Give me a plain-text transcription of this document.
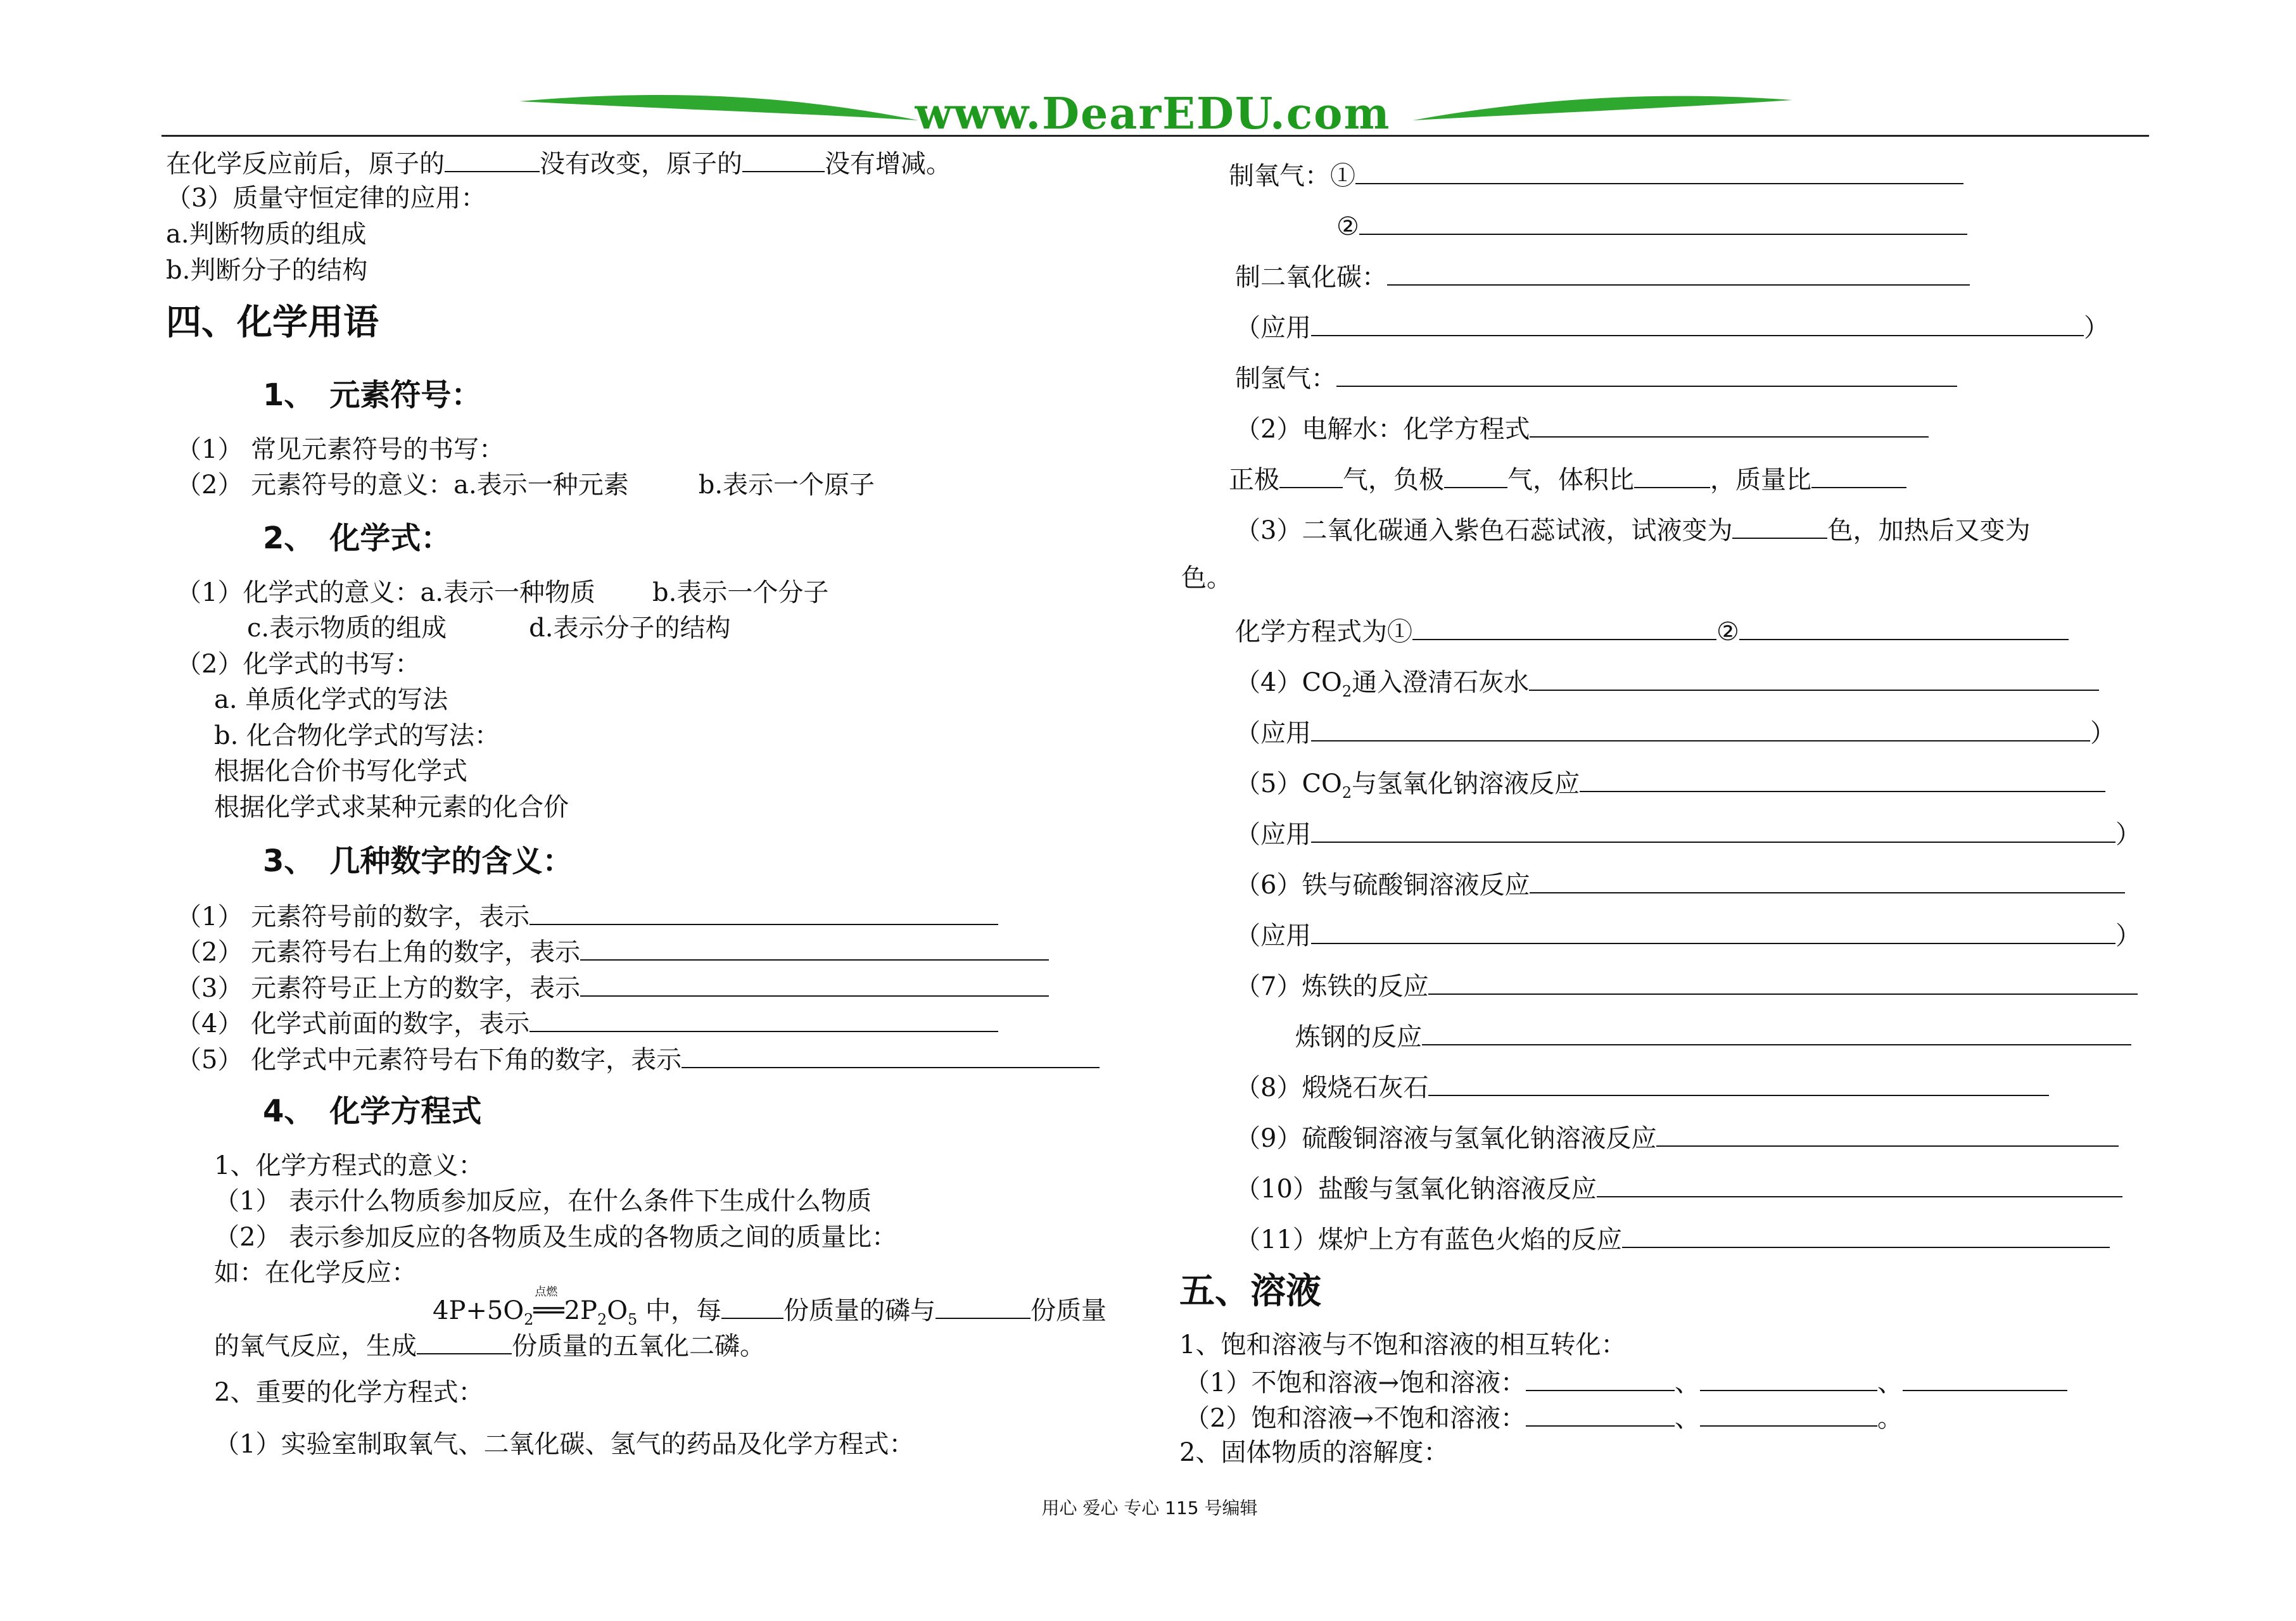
www.DearEDU.com
在化学反应前后，原子的	没有改变，原子的	没有增减。
（3）质量守恒定律的应用：
a.判断物质的组成
b.判断分子的结构
四、化学用语
1、　元素符号：
（1） 常见元素符号的书写：
（2） 元素符号的意义：a.表示一种元素	b.表示一个原子
2、　化学式：
（1）化学式的意义：a.表示一种物质 b.表示一个分子
c.表示物质的组成	d.表示分子的结构
（2）化学式的书写：
a. 单质化学式的写法
b. 化合物化学式的写法：
根据化合价书写化学式
根据化学式求某种元素的化合价
3、　几种数字的含义：
（1） 元素符号前的数字，表示
（2） 元素符号右上角的数字，表示
（3） 元素符号正上方的数字，表示
（4） 化学式前面的数字，表示
（5） 化学式中元素符号右下角的数字，表示
4、　化学方程式
1、化学方程式的意义：
（1） 表示什么物质参加反应，在什么条件下生成什么物质
（2） 表示参加反应的各物质及生成的各物质之间的质量比：
如：在化学反应：
$4P+5O_2$
点燃
$══2P_2O_5$ 中，每 份质量的磷与	份质量
的氧气反应，生成	份质量的五氧化二磷。
2、重要的化学方程式：
（1）实验室制取氧气、二氧化碳、氢气的药品及化学方程式：
制氧气：①
②
制二氧化碳：
（应用	）
制氢气：
（2）电解水：化学方程式
正极	气，负极	气，体积比	，质量比
（3）二氧化碳通入紫色石蕊试液，试液变为	色，加热后又变为
色。
化学方程式为①	②
$(4)CO_2$通入澄清石灰水
（应用	）
$(5)CO_2$与氢氧化钠溶液反应
（应用	）
（6）铁与硫酸铜溶液反应
（应用	）
（7）炼铁的反应
炼钢的反应
（8）煅烧石灰石
（9）硫酸铜溶液与氢氧化钠溶液反应
（10）盐酸与氢氧化钠溶液反应
（11）煤炉上方有蓝色火焰的反应
五、溶液
1、饱和溶液与不饱和溶液的相互转化：
（1）不饱和溶液→饱和溶液：	、	、
（2）饱和溶液→不饱和溶液：	、	。
2、固体物质的溶解度：
用心 爱心 专心 115 号编辑
